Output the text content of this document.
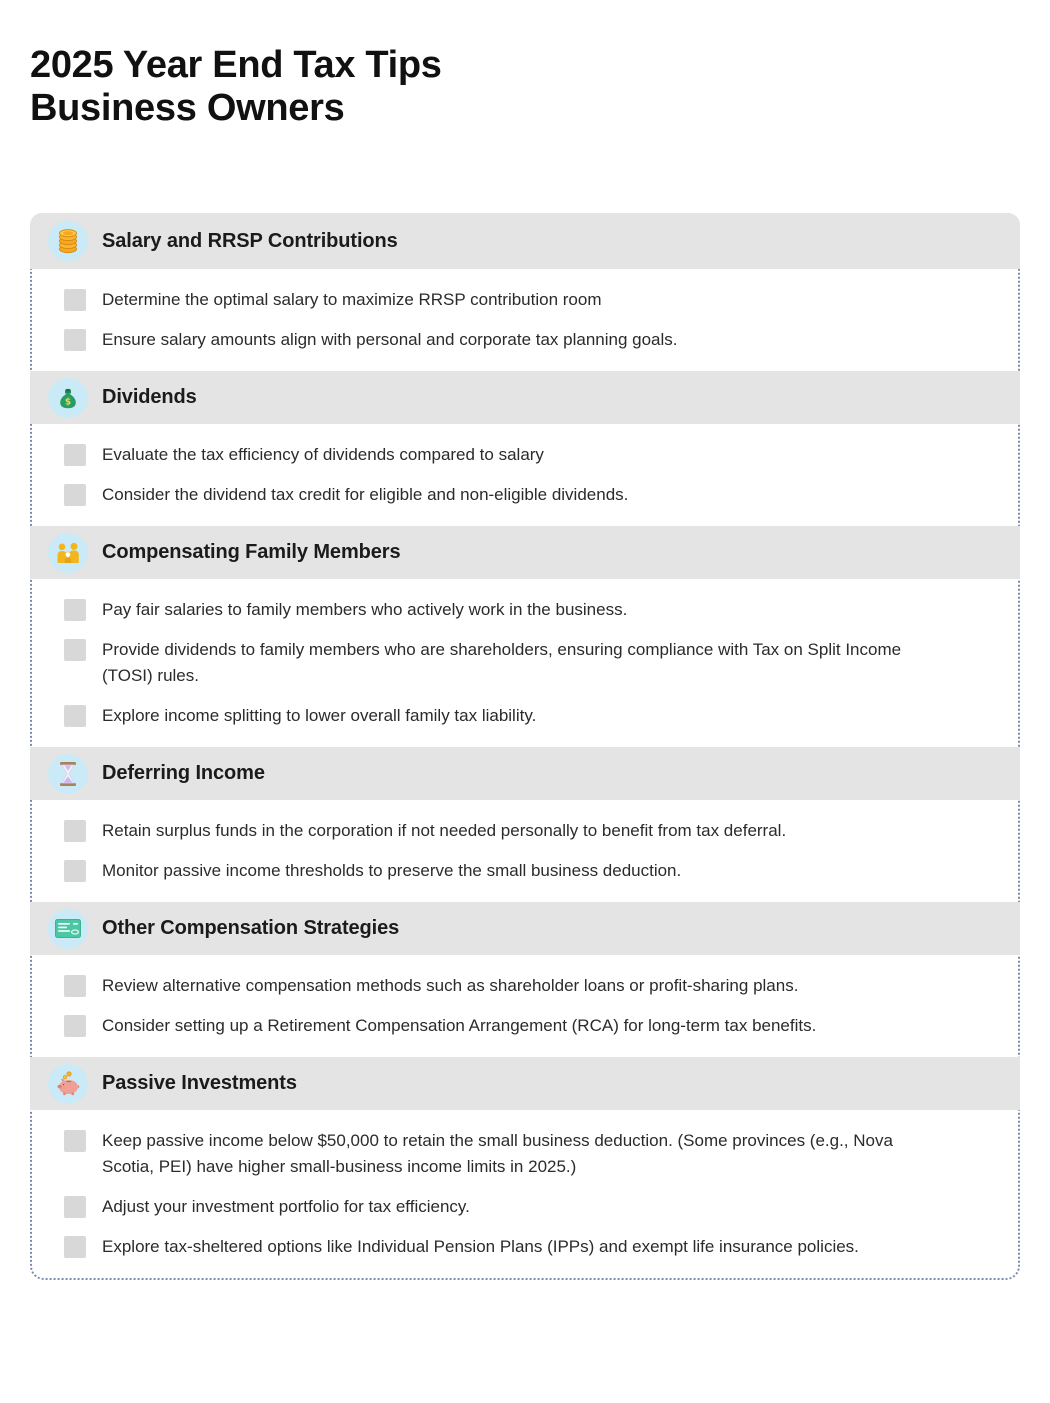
2025 Year End Tax Tips
Business Owners
Salary and RRSP Contributions
Determine the optimal salary to maximize RRSP contribution room
Ensure salary amounts align with personal and corporate tax planning goals.
$ Dividends
Evaluate the tax efficiency of dividends compared to salary
Consider the dividend tax credit for eligible and non-eligible dividends.
Compensating Family Members
Pay fair salaries to family members who actively work in the business.
Provide dividends to family members who are shareholders, ensuring compliance with Tax on Split Income (TOSI) rules.
Explore income splitting to lower overall family tax liability.
Deferring Income
Retain surplus funds in the corporation if not needed personally to benefit from tax deferral.
Monitor passive income thresholds to preserve the small business deduction.
Other Compensation Strategies
Review alternative compensation methods such as shareholder loans or profit-sharing plans.
Consider setting up a Retirement Compensation Arrangement (RCA) for long-term tax benefits.
Passive Investments
Keep passive income below $50,000 to retain the small business deduction. (Some provinces (e.g., Nova Scotia, PEI) have higher small-business income limits in 2025.)
Adjust your investment portfolio for tax efficiency.
Explore tax-sheltered options like Individual Pension Plans (IPPs) and exempt life insurance policies.
